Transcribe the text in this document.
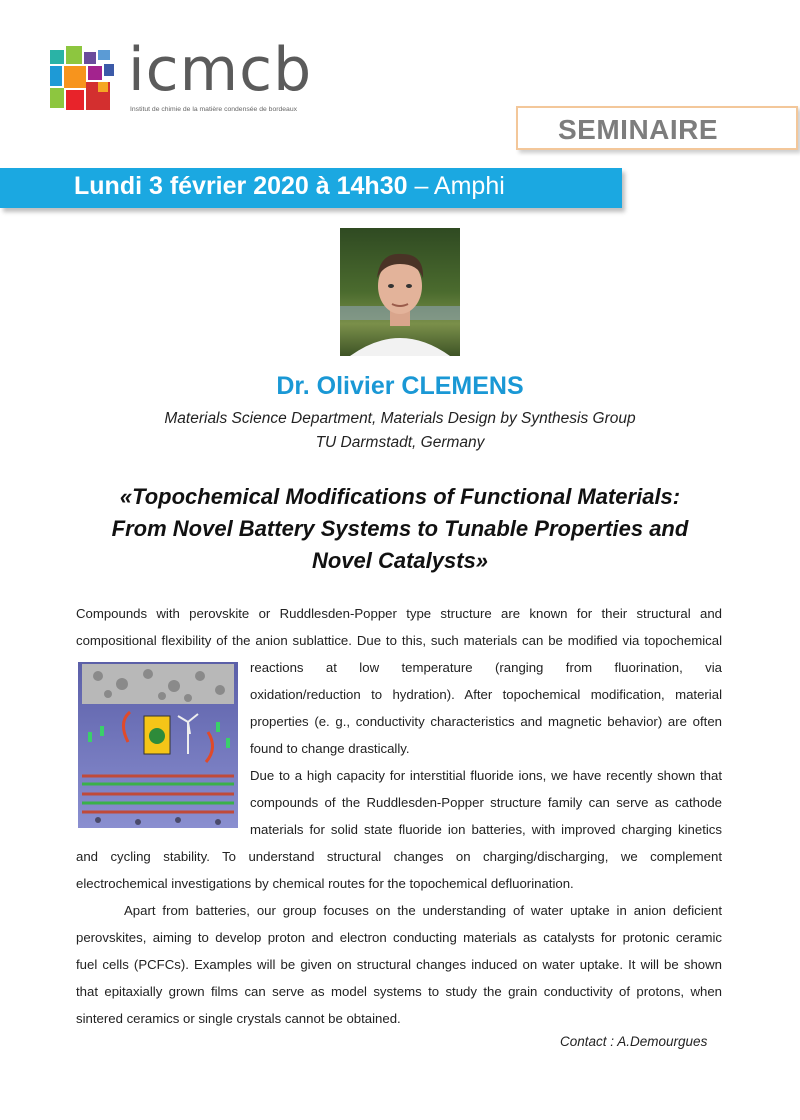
icmcb
Institut de chimie de la matière condensée de bordeaux
SEMINAIRE
Lundi 3 février 2020 à 14h30 – Amphi
Dr. Olivier CLEMENS
Materials Science Department, Materials Design by Synthesis Group
TU Darmstadt, Germany
«Topochemical Modifications of Functional Materials:
From Novel Battery Systems to Tunable Properties and
Novel Catalysts»
Compounds with perovskite or Ruddlesden-Popper type structure are known for their structural and
compositional flexibility of the anion sublattice. Due to this, such materials can be modified via topochemical
reactions at low temperature (ranging from fluorination, via
oxidation/reduction to hydration). After topochemical modification, material
properties (e. g., conductivity characteristics and magnetic behavior) are often
found to change drastically.
Due to a high capacity for interstitial fluoride ions, we have recently shown that
compounds of the Ruddlesden-Popper structure family can serve as cathode
materials for solid state fluoride ion batteries, with improved charging kinetics
and cycling stability. To understand structural changes on charging/discharging, we complement
electrochemical investigations by chemical routes for the topochemical defluorination.
Apart from batteries, our group focuses on the understanding of water uptake in anion deficient
perovskites, aiming to develop proton and electron conducting materials as catalysts for protonic ceramic
fuel cells (PCFCs). Examples will be given on structural changes induced on water uptake. It will be shown
that epitaxially grown films can serve as model systems to study the grain conductivity of protons, when
sintered ceramics or single crystals cannot be obtained.
Contact : A.Demourgues
